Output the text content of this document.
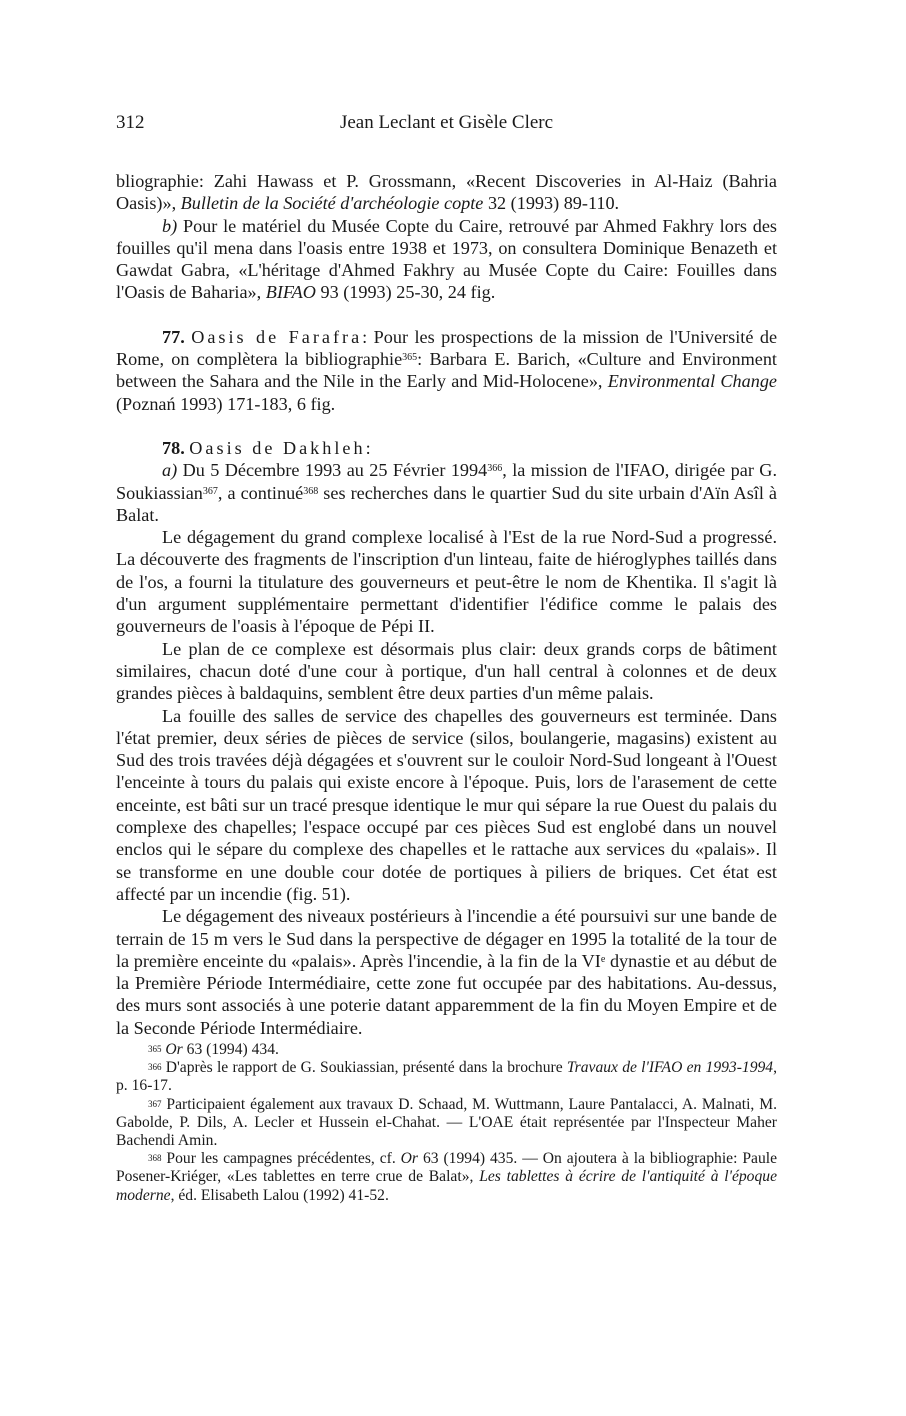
312	Jean Leclant et Gisèle Clerc

bliographie: Zahi Hawass et P. Grossmann, «Recent Discoveries in Al-Haiz (Bahria Oasis)», Bulletin de la Société d'archéologie copte 32 (1993) 89-110.

b) Pour le matériel du Musée Copte du Caire, retrouvé par Ahmed Fakhry lors des fouilles qu'il mena dans l'oasis entre 1938 et 1973, on consultera Dominique Benazeth et Gawdat Gabra, «L'héritage d'Ahmed Fakhry au Musée Copte du Caire: Fouilles dans l'Oasis de Baharia», BIFAO 93 (1993) 25-30, 24 fig.

77. Oasis de Farafra: Pour les prospections de la mission de l'Université de Rome, on complètera la bibliographie$^{365}$: Barbara E. Barich, «Culture and Environment between the Sahara and the Nile in the Early and Mid-Holocene», Environmental Change (Poznań 1993) 171-183, 6 fig.

78. Oasis de Dakhleh:

a) Du 5 Décembre 1993 au 25 Février 1994$^{366}$, la mission de l'IFAO, dirigée par G. Soukiassian$^{367}$, a continué$^{368}$ ses recherches dans le quartier Sud du site urbain d'Aïn Asîl à Balat.

Le dégagement du grand complexe localisé à l'Est de la rue Nord-Sud a progressé. La découverte des fragments de l'inscription d'un linteau, faite de hiéroglyphes taillés dans de l'os, a fourni la titulature des gouverneurs et peut-être le nom de Khentika. Il s'agit là d'un argument supplémentaire permettant d'identifier l'édifice comme le palais des gouverneurs de l'oasis à l'époque de Pépi II.

Le plan de ce complexe est désormais plus clair: deux grands corps de bâtiment similaires, chacun doté d'une cour à portique, d'un hall central à colonnes et de deux grandes pièces à baldaquins, semblent être deux parties d'un même palais.

La fouille des salles de service des chapelles des gouverneurs est terminée. Dans l'état premier, deux séries de pièces de service (silos, boulangerie, magasins) existent au Sud des trois travées déjà dégagées et s'ouvrent sur le couloir Nord-Sud longeant à l'Ouest l'enceinte à tours du palais qui existe encore à l'époque. Puis, lors de l'arasement de cette enceinte, est bâti sur un tracé presque identique le mur qui sépare la rue Ouest du palais du complexe des chapelles; l'espace occupé par ces pièces Sud est englobé dans un nouvel enclos qui le sépare du complexe des chapelles et le rattache aux services du «palais». Il se transforme en une double cour dotée de portiques à piliers de briques. Cet état est affecté par un incendie (fig. 51).

Le dégagement des niveaux postérieurs à l'incendie a été poursuivi sur une bande de terrain de 15 m vers le Sud dans la perspective de dégager en 1995 la totalité de la tour de la première enceinte du «palais». Après l'incendie, à la fin de la VIe dynastie et au début de la Première Période Intermédiaire, cette zone fut occupée par des habitations. Au-dessus, des murs sont associés à une poterie datant apparemment de la fin du Moyen Empire et de la Seconde Période Intermédiaire.

$^{365}$ Or 63 (1994) 434.

$^{366}$ D'après le rapport de G. Soukiassian, présenté dans la brochure Travaux de l'IFAO en 1993-1994, p. 16-17.

$^{367}$ Participaient également aux travaux D. Schaad, M. Wuttmann, Laure Pantalacci, A. Malnati, M. Gabolde, P. Dils, A. Lecler et Hussein el-Chahat. — L'OAE était représentée par l'Inspecteur Maher Bachendi Amin.

$^{368}$ Pour les campagnes précédentes, cf. Or 63 (1994) 435. — On ajoutera à la bibliographie: Paule Posener-Kriéger, «Les tablettes en terre crue de Balat», Les tablettes à écrire de l'antiquité à l'époque moderne, éd. Elisabeth Lalou (1992) 41-52.
